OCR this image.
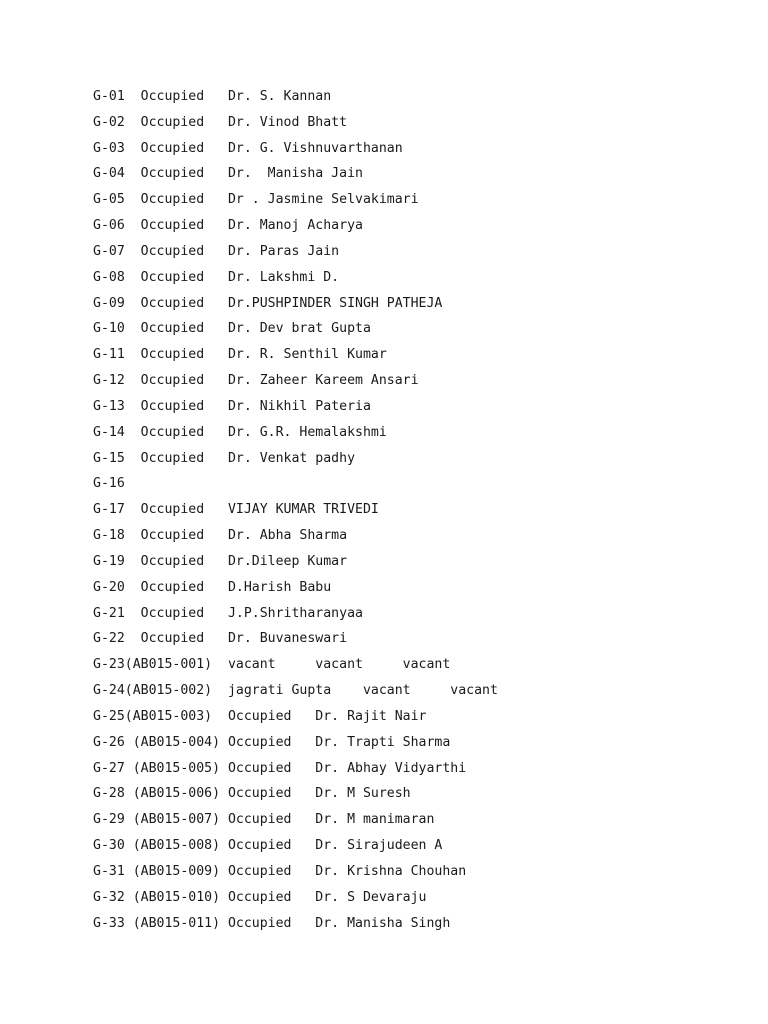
G-01  Occupied   Dr. S. Kannan
G-02  Occupied   Dr. Vinod Bhatt
G-03  Occupied   Dr. G. Vishnuvarthanan
G-04  Occupied   Dr.  Manisha Jain
G-05  Occupied   Dr . Jasmine Selvakimari
G-06  Occupied   Dr. Manoj Acharya
G-07  Occupied   Dr. Paras Jain
G-08  Occupied   Dr. Lakshmi D.
G-09  Occupied   Dr.PUSHPINDER SINGH PATHEJA
G-10  Occupied   Dr. Dev brat Gupta
G-11  Occupied   Dr. R. Senthil Kumar
G-12  Occupied   Dr. Zaheer Kareem Ansari
G-13  Occupied   Dr. Nikhil Pateria
G-14  Occupied   Dr. G.R. Hemalakshmi
G-15  Occupied   Dr. Venkat padhy
G-16
G-17  Occupied   VIJAY KUMAR TRIVEDI
G-18  Occupied   Dr. Abha Sharma
G-19  Occupied   Dr.Dileep Kumar
G-20  Occupied   D.Harish Babu
G-21  Occupied   J.P.Shritharanyaa
G-22  Occupied   Dr. Buvaneswari
G-23(AB015-001)  vacant     vacant     vacant
G-24(AB015-002)  jagrati Gupta    vacant     vacant
G-25(AB015-003)  Occupied   Dr. Rajit Nair
G-26 (AB015-004) Occupied   Dr. Trapti Sharma
G-27 (AB015-005) Occupied   Dr. Abhay Vidyarthi
G-28 (AB015-006) Occupied   Dr. M Suresh
G-29 (AB015-007) Occupied   Dr. M manimaran
G-30 (AB015-008) Occupied   Dr. Sirajudeen A
G-31 (AB015-009) Occupied   Dr. Krishna Chouhan
G-32 (AB015-010) Occupied   Dr. S Devaraju
G-33 (AB015-011) Occupied   Dr. Manisha Singh
